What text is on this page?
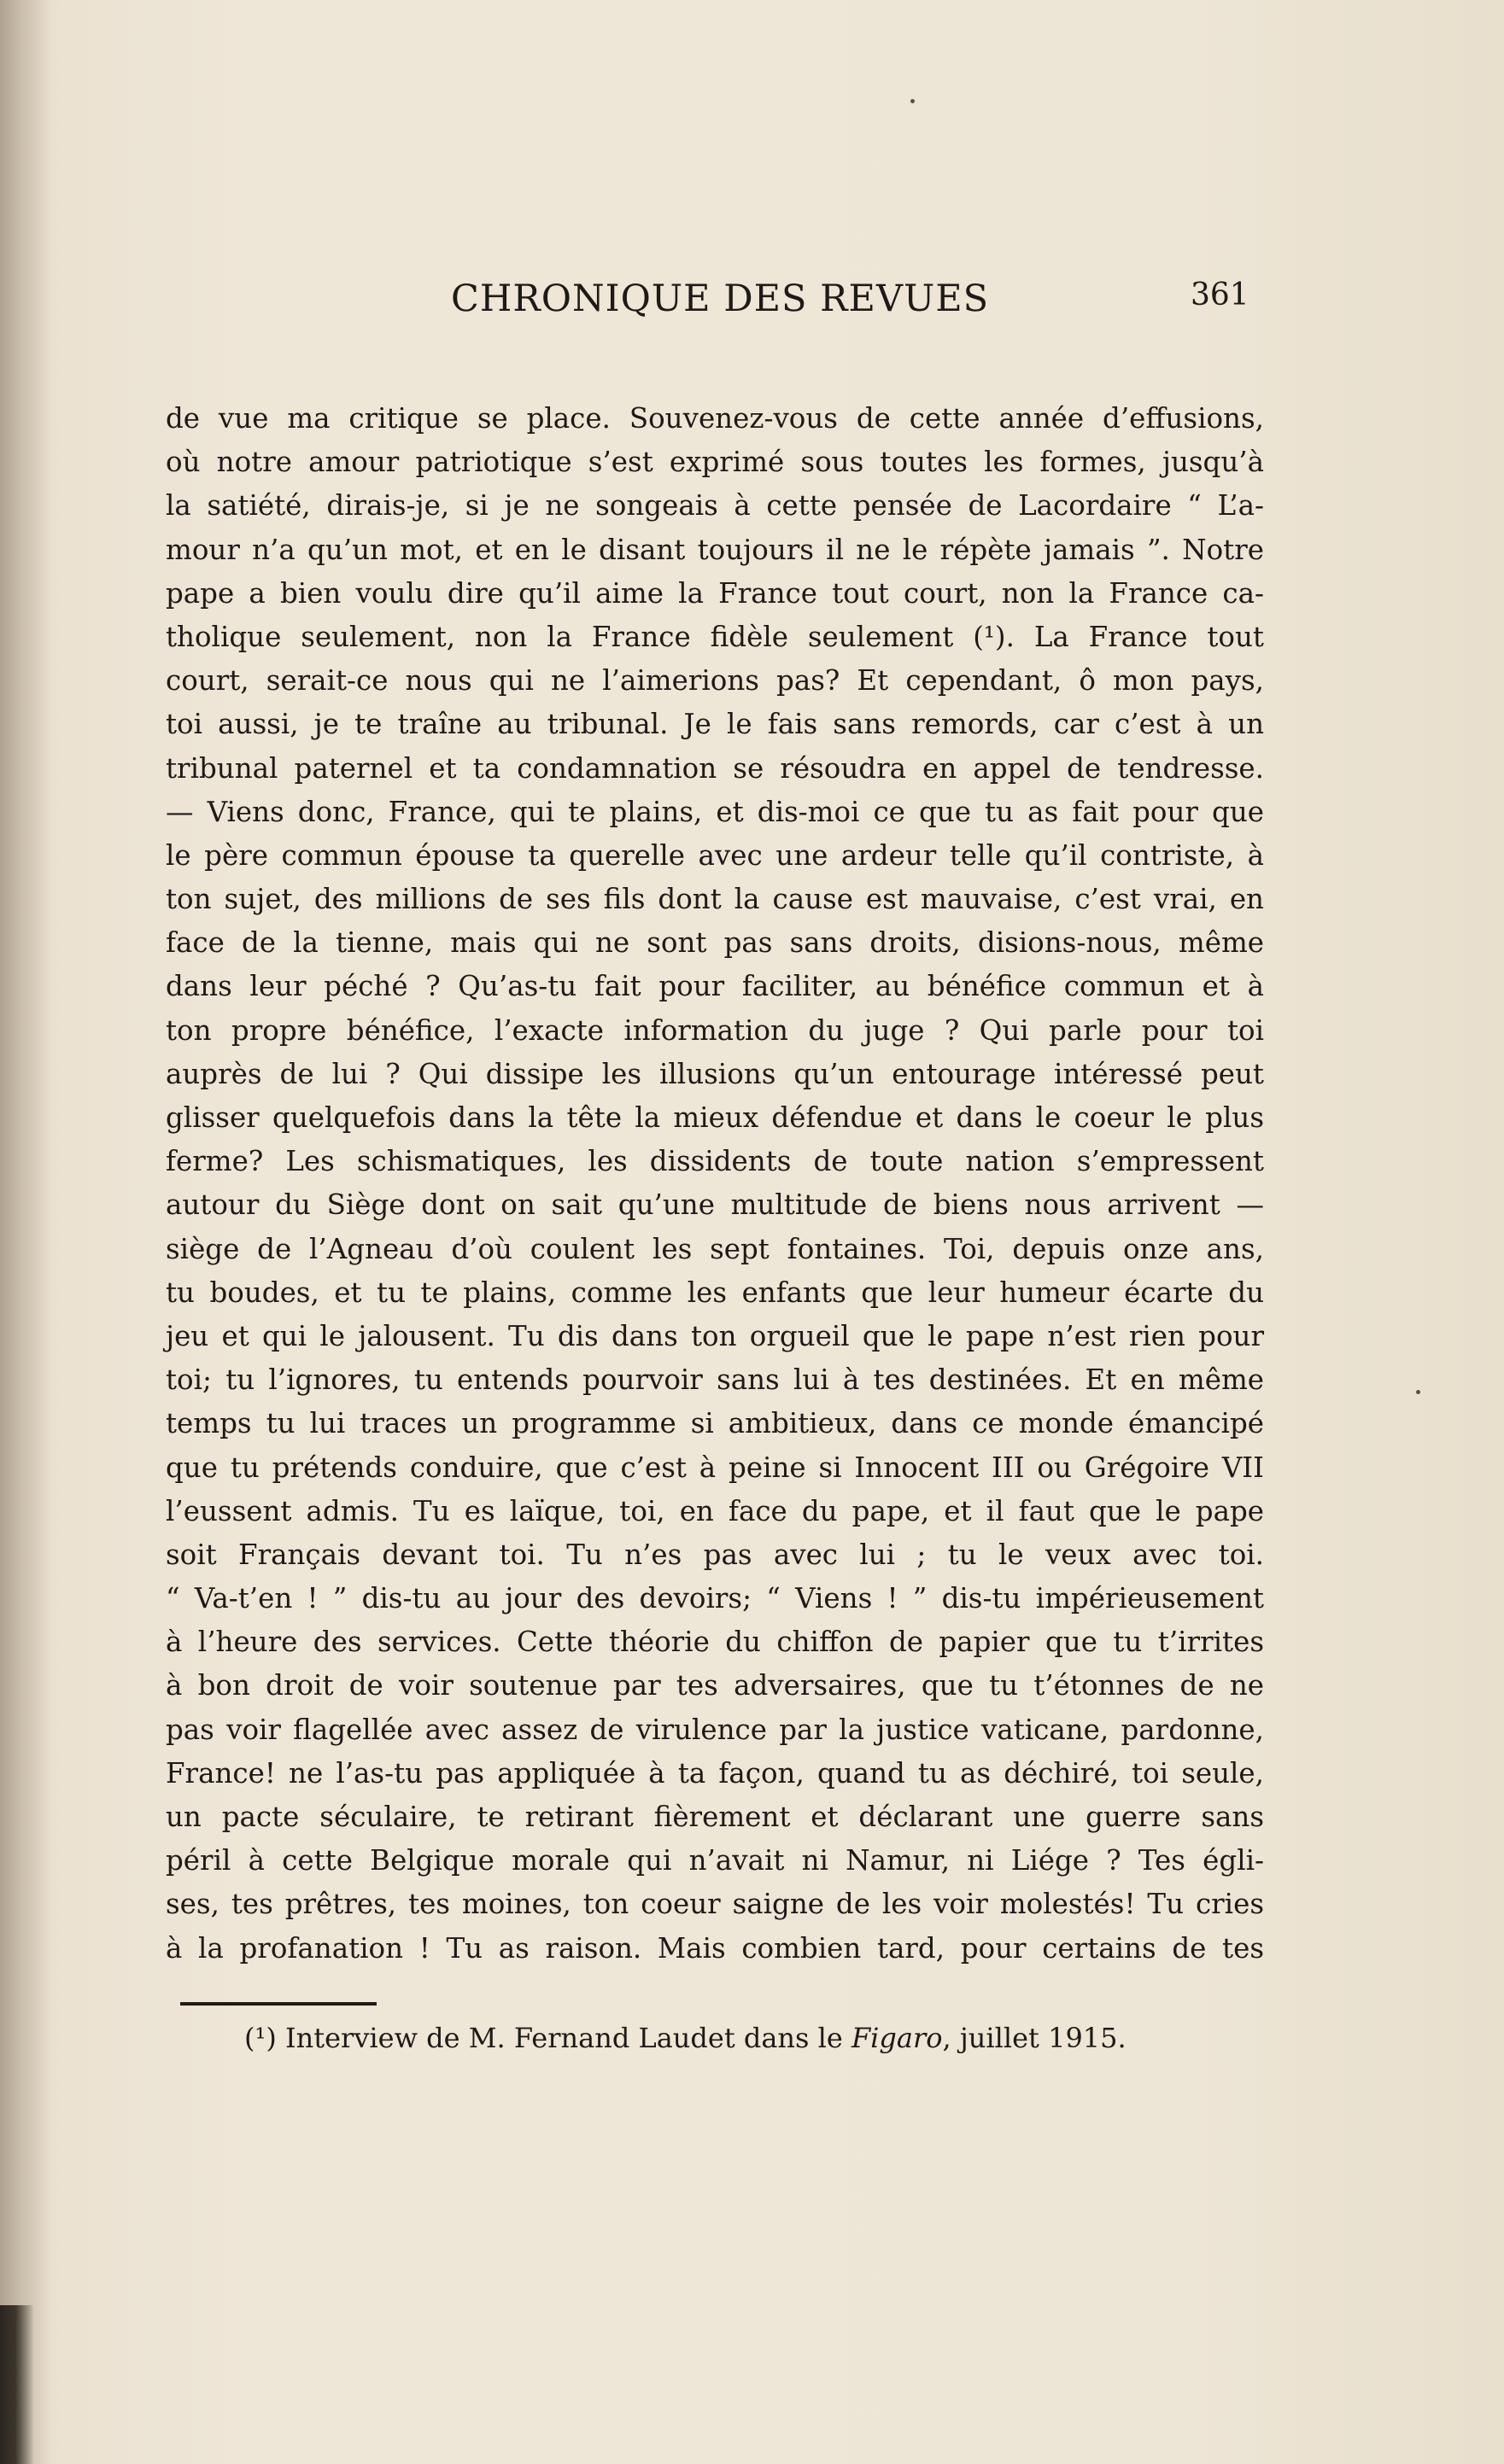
CHRONIQUE DES REVUES	361
de vue ma critique se place. Souvenez-vous de cette année d’effusions,
où notre amour patriotique s’est exprimé sous toutes les formes, jusqu’à
la satiété, dirais-je, si je ne songeais à cette pensée de Lacordaire “ L’a-
mour n’a qu’un mot, et en le disant toujours il ne le répète jamais ”. Notre
pape a bien voulu dire qu’il aime la France tout court, non la France ca-
tholique seulement, non la France fidèle seulement (¹). La France tout
court, serait-ce nous qui ne l’aimerions pas? Et cependant, ô mon pays,
toi aussi, je te traîne au tribunal. Je le fais sans remords, car c’est à un
tribunal paternel et ta condamnation se résoudra en appel de tendresse.
— Viens donc, France, qui te plains, et dis-moi ce que tu as fait pour que
le père commun épouse ta querelle avec une ardeur telle qu’il contriste, à
ton sujet, des millions de ses fils dont la cause est mauvaise, c’est vrai, en
face de la tienne, mais qui ne sont pas sans droits, disions-nous, même
dans leur péché ? Qu’as-tu fait pour faciliter, au bénéfice commun et à
ton propre bénéfice, l’exacte information du juge ? Qui parle pour toi
auprès de lui ? Qui dissipe les illusions qu’un entourage intéressé peut
glisser quelquefois dans la tête la mieux défendue et dans le coeur le plus
ferme? Les schismatiques, les dissidents de toute nation s’empressent
autour du Siège dont on sait qu’une multitude de biens nous arrivent —
siège de l’Agneau d’où coulent les sept fontaines. Toi, depuis onze ans,
tu boudes, et tu te plains, comme les enfants que leur humeur écarte du
jeu et qui le jalousent. Tu dis dans ton orgueil que le pape n’est rien pour
toi; tu l’ignores, tu entends pourvoir sans lui à tes destinées. Et en même
temps tu lui traces un programme si ambitieux, dans ce monde émancipé
que tu prétends conduire, que c’est à peine si Innocent III ou Grégoire VII
l’eussent admis. Tu es laïque, toi, en face du pape, et il faut que le pape
soit Français devant toi. Tu n’es pas avec lui ; tu le veux avec toi.
“ Va-t’en ! ” dis-tu au jour des devoirs; “ Viens ! ” dis-tu impérieusement
à l’heure des services. Cette théorie du chiffon de papier que tu t’irrites
à bon droit de voir soutenue par tes adversaires, que tu t’étonnes de ne
pas voir flagellée avec assez de virulence par la justice vaticane, pardonne,
France! ne l’as-tu pas appliquée à ta façon, quand tu as déchiré, toi seule,
un pacte séculaire, te retirant fièrement et déclarant une guerre sans
péril à cette Belgique morale qui n’avait ni Namur, ni Liége ? Tes égli-
ses, tes prêtres, tes moines, ton coeur saigne de les voir molestés! Tu cries
à la profanation ! Tu as raison. Mais combien tard, pour certains de tes
(¹) Interview de M. Fernand Laudet dans le Figaro, juillet 1915.
